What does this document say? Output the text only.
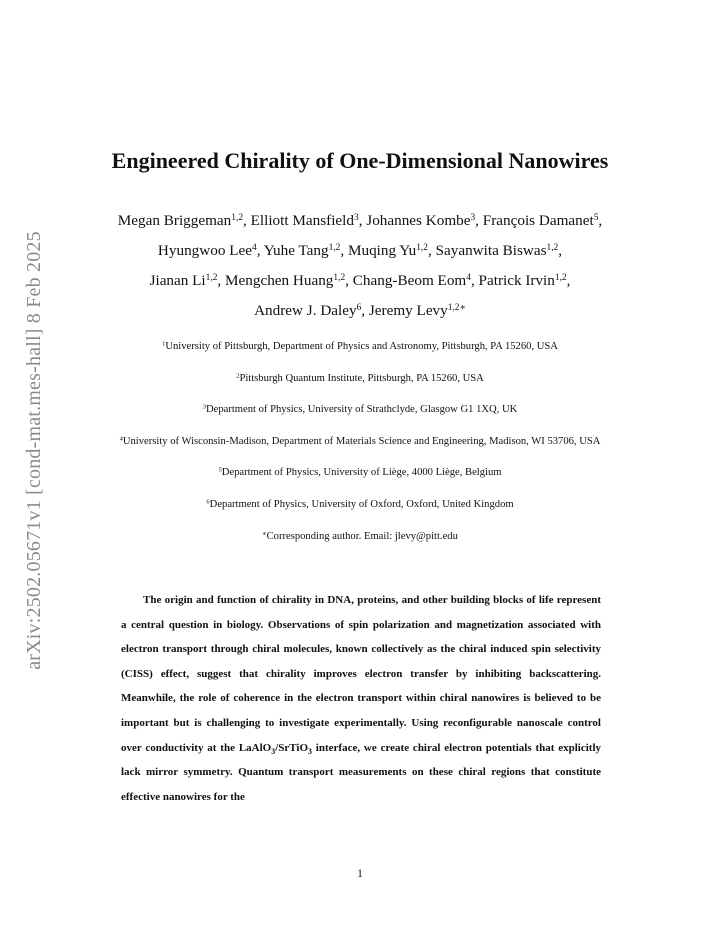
arXiv:2502.05671v1 [cond-mat.mes-hall] 8 Feb 2025
Engineered Chirality of One-Dimensional Nanowires
Megan Briggeman$^{1,2}$, Elliott Mansfield$^3$, Johannes Kombe$^3$, François Damanet$^5$,
Hyungwoo Lee$^4$, Yuhe Tang$^{1,2}$, Muqing Yu$^{1,2}$, Sayanwita Biswas$^{1,2}$,
Jianan Li$^{1,2}$, Mengchen Huang$^{1,2}$, Chang-Beom Eom$^4$, Patrick Irvin$^{1,2}$,
Andrew J. Daley$^6$, Jeremy Levy$^{1,2∗}$
$^1$University of Pittsburgh, Department of Physics and Astronomy, Pittsburgh, PA 15260, USA
$^2$Pittsburgh Quantum Institute, Pittsburgh, PA 15260, USA
$^3$Department of Physics, University of Strathclyde, Glasgow G1 1XQ, UK
$^4$University of Wisconsin-Madison, Department of Materials Science and Engineering, Madison, WI 53706, USA
$^5$Department of Physics, University of Liège, 4000 Liège, Belgium
$^6$Department of Physics, University of Oxford, Oxford, United Kingdom
∗Corresponding author. Email: jlevy@pitt.edu

The origin and function of chirality in DNA, proteins, and other building blocks of life represent a central question in biology. Observations of spin polarization and magnetization associated with electron transport through chiral molecules, known collectively as the chiral induced spin selectivity (CISS) effect, suggest that chirality improves electron transfer by inhibiting backscattering. Meanwhile, the role of coherence in the electron transport within chiral nanowires is believed to be important but is challenging to investigate experimentally. Using reconfigurable nanoscale control over conductivity at the LaAlO$_3$/SrTiO$_3$ interface, we create chiral electron potentials that explicitly lack mirror symmetry. Quantum transport measurements on these chiral regions that constitute effective nanowires for the

1
